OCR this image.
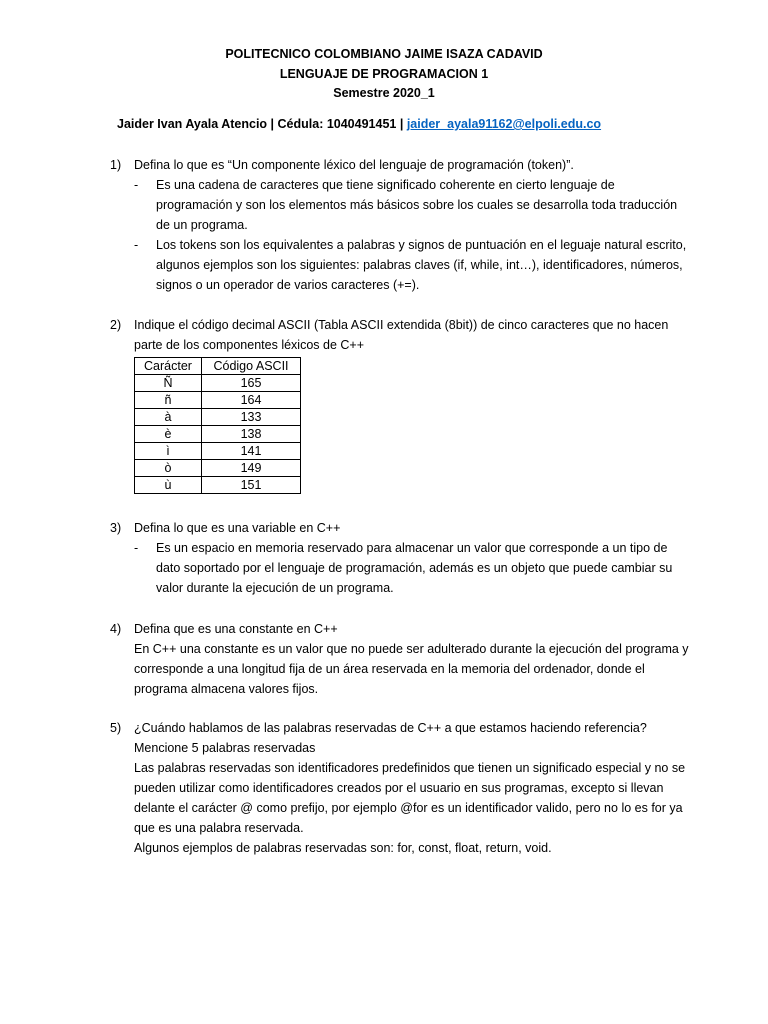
POLITECNICO COLOMBIANO JAIME ISAZA CADAVID
LENGUAJE DE PROGRAMACION 1
Semestre 2020_1
Jaider Ivan Ayala Atencio | Cédula: 1040491451 | jaider_ayala91162@elpoli.edu.co
1) Defina lo que es “Un componente léxico del lenguaje de programación (token)”.
- Es una cadena de caracteres que tiene significado coherente en cierto lenguaje de programación y son los elementos más básicos sobre los cuales se desarrolla toda traducción de un programa.
- Los tokens son los equivalentes a palabras y signos de puntuación en el leguaje natural escrito, algunos ejemplos son los siguientes: palabras claves (if, while, int…), identificadores, números, signos o un operador de varios caracteres (+=).
2) Indique el código decimal ASCII (Tabla ASCII extendida (8bit)) de cinco caracteres que no hacen parte de los componentes léxicos de C++
Carácter	Código ASCII
Ñ	165
ñ	164
à	133
è	138
ì	141
ò	149
ù	151
3) Defina lo que es una variable en C++
- Es un espacio en memoria reservado para almacenar un valor que corresponde a un tipo de dato soportado por el lenguaje de programación, además es un objeto que puede cambiar su valor durante la ejecución de un programa.
4) Defina que es una constante en C++
En C++ una constante es un valor que no puede ser adulterado durante la ejecución del programa y corresponde a una longitud fija de un área reservada en la memoria del ordenador, donde el programa almacena valores fijos.
5) ¿Cuándo hablamos de las palabras reservadas de C++ a que estamos haciendo referencia? Mencione 5 palabras reservadas
Las palabras reservadas son identificadores predefinidos que tienen un significado especial y no se pueden utilizar como identificadores creados por el usuario en sus programas, excepto si llevan delante el carácter @ como prefijo, por ejemplo @for es un identificador valido, pero no lo es for ya que es una palabra reservada.
Algunos ejemplos de palabras reservadas son: for, const, float, return, void.
